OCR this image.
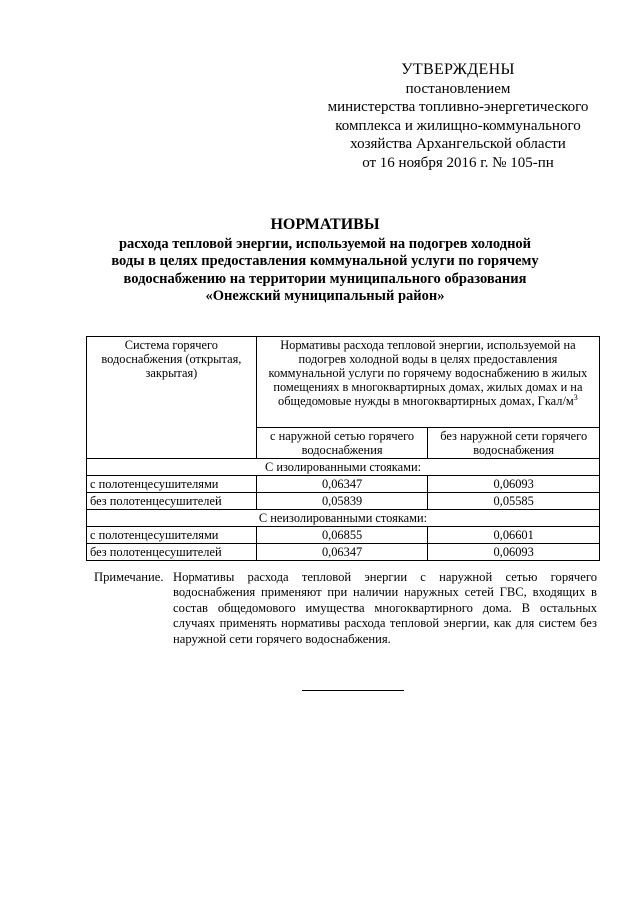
УТВЕРЖДЕНЫ
постановлением
министерства топливно-энергетического
комплекса и жилищно-коммунального
хозяйства Архангельской области
от 16 ноября 2016 г. № 105-пн
НОРМАТИВЫ
расхода тепловой энергии, используемой на подогрев холодной
воды в целях предоставления коммунальной услуги по горячему
водоснабжению на территории муниципального образования
«Онежский муниципальный район»
Система горячего водоснабжения (открытая, закрытая)	Нормативы расхода тепловой энергии, используемой на подогрев холодной воды в целях предоставления коммунальной услуги по горячему водоснабжению в жилых помещениях в многоквартирных домах, жилых домах и на общедомовые нужды в многоквартирных домах, Гкал/$м^3$
	с наружной сетью горячего водоснабжения	без наружной сети горячего водоснабжения
С изолированными стояками:		
с полотенцесушителями	0,06347	0,06093
без полотенцесушителей	0,05839	0,05585
С неизолированными стояками:		
с полотенцесушителями	0,06855	0,06601
без полотенцесушителей	0,06347	0,06093
Примечание. Нормативы расхода тепловой энергии с наружной сетью горячего водоснабжения применяют при наличии наружных сетей ГВС, входящих в состав общедомового имущества многоквартирного дома. В остальных случаях применять нормативы расхода тепловой энергии, как для систем без наружной сети горячего водоснабжения.
